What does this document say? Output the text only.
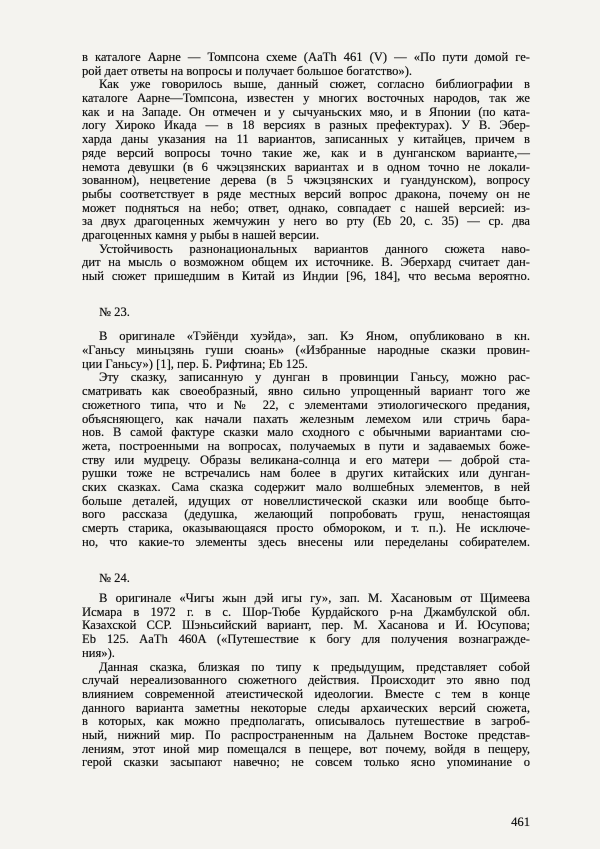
в каталоге Аарне — Томпсона схеме (AaTh 461 (V) — «По пути домой ге-
рой дает ответы на вопросы и получает большое богатство»).
Как уже говорилось выше, данный сюжет, согласно библиографии в
каталоге Аарне—Томпсона, известен у многих восточных народов, так же
как и на Западе. Он отмечен и у сычуаньских мяо, и в Японии (по ката-
логу Хироко Икада — в 18 версиях в разных префектурах). У В. Эбер-
харда даны указания на 11 вариантов, записанных у китайцев, причем в
ряде версий вопросы точно такие же, как и в дунганском варианте,—
немота девушки (в 6 чжэцзянских вариантах и в одном точно не локали-
зованном), нецветение дерева (в 5 чжэцзянских и гуандунском), вопросу
рыбы соответствует в ряде местных версий вопрос дракона, почему он не
может подняться на небо; ответ, однако, совпадает с нашей версией: из-
за двух драгоценных жемчужин у него во рту (Eb 20, с. 35) — ср. два
драгоценных камня у рыбы в нашей версии.
Устойчивость разнонациональных вариантов данного сюжета наво-
дит на мысль о возможном общем их источнике. В. Эберхард считает дан-
ный сюжет пришедшим в Китай из Индии [96, 184], что весьма вероятно.
№ 23.
В оригинале «Тэйёнди хуэйда», зап. Кэ Яном, опубликовано в кн.
«Ганьсу миньцзянь гуши сюань» («Избранные народные сказки провин-
ции Ганьсу») [1], пер. Б. Рифтина; Eb 125.
Эту сказку, записанную у дунган в провинции Ганьсу, можно рас-
сматривать как своеобразный, явно сильно упрощенный вариант того же
сюжетного типа, что и № 22, с элементами этиологического предания,
объясняющего, как начали пахать железным лемехом или стричь бара-
нов. В самой фактуре сказки мало сходного с обычными вариантами сю-
жета, построенными на вопросах, получаемых в пути и задаваемых боже-
ству или мудрецу. Образы великана-солнца и его матери — доброй ста-
рушки тоже не встречались нам более в других китайских или дунган-
ских сказках. Сама сказка содержит мало волшебных элементов, в ней
больше деталей, идущих от новеллистической сказки или вообще быто-
вого рассказа (дедушка, желающий попробовать груш, ненастоящая
смерть старика, оказывающаяся просто обмороком, и т. п.). Не исключе-
но, что какие-то элементы здесь внесены или переделаны собирателем.
№ 24.
В оригинале «Чигы жын дэй игы гу», зап. М. Хасановым от Щимеева
Исмара в 1972 г. в с. Шор-Тюбе Курдайского р-на Джамбулской обл.
Казахской ССР. Шэньсийский вариант, пер. М. Хасанова и И. Юсупова;
Eb 125. AaTh 460A («Путешествие к богу для получения вознагражде-
ния»).
Данная сказка, близкая по типу к предыдущим, представляет собой
случай нереализованного сюжетного действия. Происходит это явно под
влиянием современной атеистической идеологии. Вместе с тем в конце
данного варианта заметны некоторые следы архаических версий сюжета,
в которых, как можно предполагать, описывалось путешествие в загроб-
ный, нижний мир. По распространенным на Дальнем Востоке представ-
лениям, этот иной мир помещался в пещере, вот почему, войдя в пещеру,
герой сказки засыпают навечно; не совсем только ясно упоминание о
461
